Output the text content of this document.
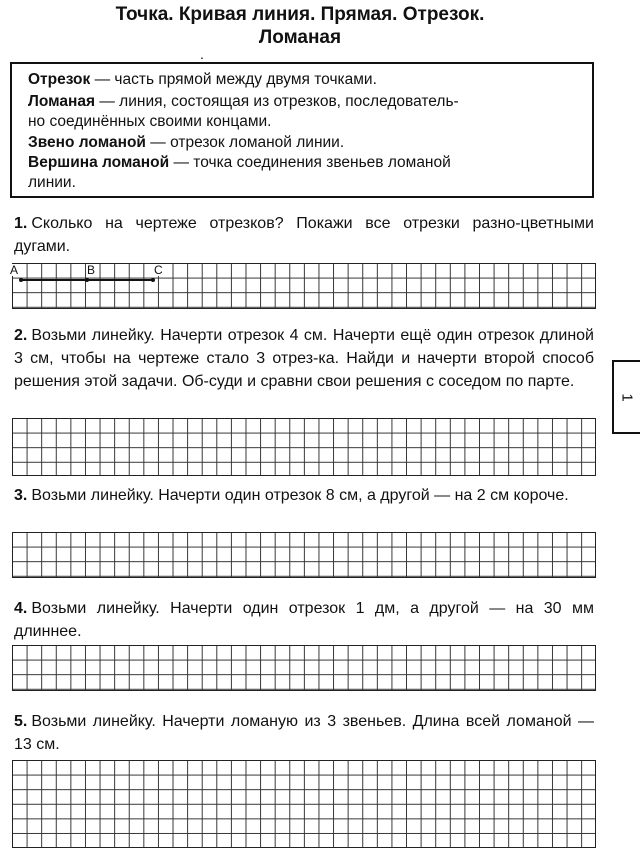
Точка. Кривая линия. Прямая. Отрезок.
Ломаная
.
Отрезок — часть прямой между двумя точками.
Ломаная — линия, состоящая из отрезков, последователь-
но соединённых своими концами.
Звено ломаной — отрезок ломаной линии.
Вершина ломаной — точка соединения звеньев ломаной
линии.
1. Сколько на чертеже отрезков? Покажи все отрезки разно-цветными дугами.
A	B	C
2. Возьми линейку. Начерти отрезок 4 см. Начерти ещё один отрезок длиной 3 см, чтобы на чертеже стало 3 отрез-ка. Найди и начерти второй способ решения этой задачи. Об-суди и сравни свои решения с соседом по парте.
3. Возьми линейку. Начерти один отрезок 8 см, а другой — на 2 см короче.
4. Возьми линейку. Начерти один отрезок 1 дм, а другой — на 30 мм длиннее.
5. Возьми линейку. Начерти ломаную из 3 звеньев. Длина всей ломаной — 13 см.
1
